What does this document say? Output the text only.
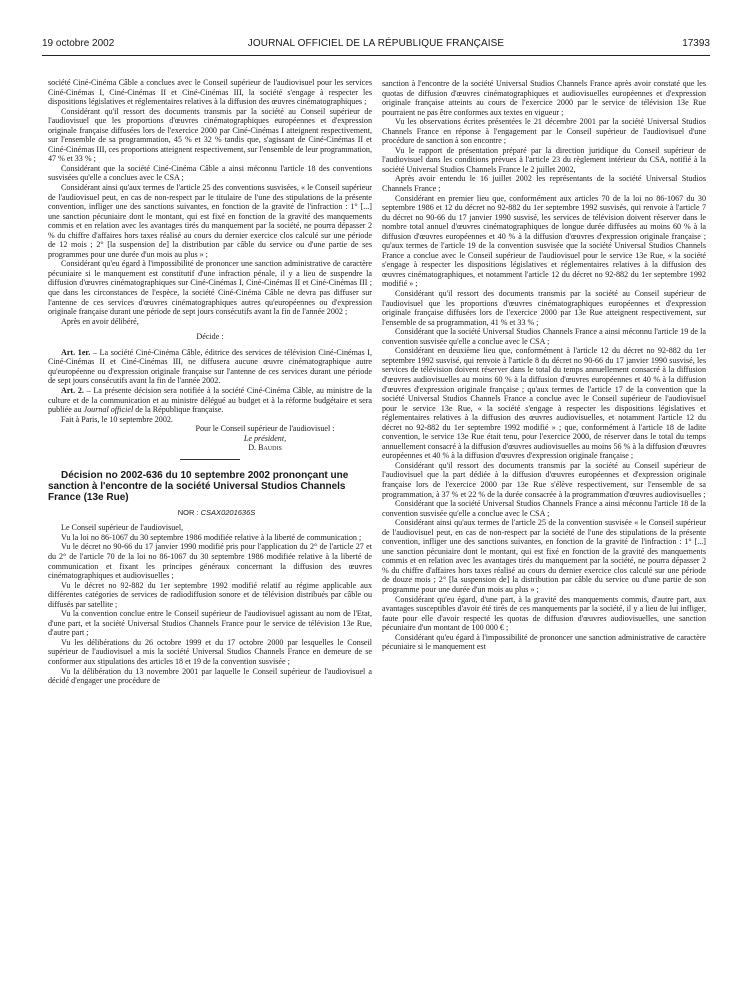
19 octobre 2002	JOURNAL OFFICIEL DE LA RÉPUBLIQUE FRANÇAISE	17393

société Ciné-Cinéma Câble a conclues avec le Conseil supérieur de l'audiovisuel pour les services Ciné-Cinémas I, Ciné-Cinémas II et Ciné-Cinémas III, la société s'engage à respecter les dispositions législatives et réglementaires relatives à la diffusion des œuvres cinématographiques ;

Considérant qu'il ressort des documents transmis par la société au Conseil supérieur de l'audiovisuel que les proportions d'œuvres cinématographiques européennes et d'expression originale française diffusées lors de l'exercice 2000 par Ciné-Cinémas I atteignent respectivement, sur l'ensemble de sa programmation, 45 % et 32 % tandis que, s'agissant de Ciné-Cinémas II et Ciné-Cinémas III, ces proportions atteignent respectivement, sur l'ensemble de leur programmation, 47 % et 33 % ;

Considérant que la société Ciné-Cinéma Câble a ainsi méconnu l'article 18 des conventions susvisées qu'elle a conclues avec le CSA ;

Considérant ainsi qu'aux termes de l'article 25 des conventions susvisées, « le Conseil supérieur de l'audiovisuel peut, en cas de non-respect par le titulaire de l'une des stipulations de la présente convention, infliger une des sanctions suivantes, en fonction de la gravité de l'infraction : 1° [...] une sanction pécuniaire dont le montant, qui est fixé en fonction de la gravité des manquements commis et en relation avec les avantages tirés du manquement par la société, ne pourra dépasser 2 % du chiffre d'affaires hors taxes réalisé au cours du dernier exercice clos calculé sur une période de 12 mois ; 2° [la suspension de] la distribution par câble du service ou d'une partie de ses programmes pour une durée d'un mois au plus » ;

Considérant qu'eu égard à l'impossibilité de prononcer une sanction administrative de caractère pécuniaire si le manquement est constitutif d'une infraction pénale, il y a lieu de suspendre la diffusion d'œuvres cinématographiques sur Ciné-Cinémas I, Ciné-Cinémas II et Ciné-Cinémas III ; que dans les circonstances de l'espèce, la société Ciné-Cinéma Câble ne devra pas diffuser sur l'antenne de ces services d'œuvres cinématographiques autres qu'européennes ou d'expression originale française durant une période de sept jours consécutifs avant la fin de l'année 2002 ;

Après en avoir délibéré,

Décide :

Art. 1er. – La société Ciné-Cinéma Câble, éditrice des services de télévision Ciné-Cinémas I, Ciné-Cinémas II et Ciné-Cinémas III, ne diffusera aucune œuvre cinématographique autre qu'européenne ou d'expression originale française sur l'antenne de ces services durant une période de sept jours consécutifs avant la fin de l'année 2002.

Art. 2. – La présente décision sera notifiée à la société Ciné-Cinéma Câble, au ministre de la culture et de la communication et au ministre délégué au budget et à la réforme budgétaire et sera publiée au Journal officiel de la République française.

Fait à Paris, le 10 septembre 2002.

Pour le Conseil supérieur de l'audiovisuel :

Le président,

D. Baudis

Décision no 2002-636 du 10 septembre 2002 prononçant une sanction à l'encontre de la société Universal Studios Channels France (13e Rue)

NOR : CSAX0201636S

Le Conseil supérieur de l'audiovisuel,

Vu la loi no 86-1067 du 30 septembre 1986 modifiée relative à la liberté de communication ;

Vu le décret no 90-66 du 17 janvier 1990 modifié pris pour l'application du 2° de l'article 27 et du 2° de l'article 70 de la loi no 86-1067 du 30 septembre 1986 modifiée relative à la liberté de communication et fixant les principes généraux concernant la diffusion des œuvres cinématographiques et audiovisuelles ;

Vu le décret no 92-882 du 1er septembre 1992 modifié relatif au régime applicable aux différentes catégories de services de radiodiffusion sonore et de télévision distribués par câble ou diffusés par satellite ;

Vu la convention conclue entre le Conseil supérieur de l'audiovisuel agissant au nom de l'Etat, d'une part, et la société Universal Studios Channels France pour le service de télévision 13e Rue, d'autre part ;

Vu les délibérations du 26 octobre 1999 et du 17 octobre 2000 par lesquelles le Conseil supérieur de l'audiovisuel a mis la société Universal Studios Channels France en demeure de se conformer aux stipulations des articles 18 et 19 de la convention susvisée ;

Vu la délibération du 13 novembre 2001 par laquelle le Conseil supérieur de l'audiovisuel a décidé d'engager une procédure de

sanction à l'encontre de la société Universal Studios Channels France après avoir constaté que les quotas de diffusion d'œuvres cinématographiques et audiovisuelles européennes et d'expression originale française atteints au cours de l'exercice 2000 par le service de télévision 13e Rue pourraient ne pas être conformes aux textes en vigueur ;

Vu les observations écrites présentées le 21 décembre 2001 par la société Universal Studios Channels France en réponse à l'engagement par le Conseil supérieur de l'audiovisuel d'une procédure de sanction à son encontre ;

Vu le rapport de présentation préparé par la direction juridique du Conseil supérieur de l'audiovisuel dans les conditions prévues à l'article 23 du règlement intérieur du CSA, notifié à la société Universal Studios Channels France le 2 juillet 2002,

Après avoir entendu le 16 juillet 2002 les représentants de la société Universal Studios Channels France ;

Considérant en premier lieu que, conformément aux articles 70 de la loi no 86-1067 du 30 septembre 1986 et 12 du décret no 92-882 du 1er septembre 1992 susvisés, qui renvoie à l'article 7 du décret no 90-66 du 17 janvier 1990 susvisé, les services de télévision doivent réserver dans le nombre total annuel d'œuvres cinématographiques de longue durée diffusées au moins 60 % à la diffusion d'œuvres européennes et 40 % à la diffusion d'œuvres d'expression originale française ; qu'aux termes de l'article 19 de la convention susvisée que la société Universal Studios Channels France a conclue avec le Conseil supérieur de l'audiovisuel pour le service 13e Rue, « la société s'engage à respecter les dispositions législatives et réglementaires relatives à la diffusion des œuvres cinématographiques, et notamment l'article 12 du décret no 92-882 du 1er septembre 1992 modifié » ;

Considérant qu'il ressort des documents transmis par la société au Conseil supérieur de l'audiovisuel que les proportions d'œuvres cinématographiques européennes et d'expression originale française diffusées lors de l'exercice 2000 par 13e Rue atteignent respectivement, sur l'ensemble de sa programmation, 41 % et 33 % ;

Considérant que la société Universal Studios Channels France a ainsi méconnu l'article 19 de la convention susvisée qu'elle a conclue avec le CSA ;

Considérant en deuxième lieu que, conformément à l'article 12 du décret no 92-882 du 1er septembre 1992 susvisé, qui renvoie à l'article 8 du décret no 90-66 du 17 janvier 1990 susvisé, les services de télévision doivent réserver dans le total du temps annuellement consacré à la diffusion d'œuvres audiovisuelles au moins 60 % à la diffusion d'œuvres européennes et 40 % à la diffusion d'œuvres d'expression originale française ; qu'aux termes de l'article 17 de la convention que la société Universal Studios Channels France a conclue avec le Conseil supérieur de l'audiovisuel pour le service 13e Rue, « la société s'engage à respecter les dispositions législatives et réglementaires relatives à la diffusion des œuvres audiovisuelles, et notamment l'article 12 du décret no 92-882 du 1er septembre 1992 modifié » ; que, conformément à l'article 18 de ladite convention, le service 13e Rue était tenu, pour l'exercice 2000, de réserver dans le total du temps annuellement consacré à la diffusion d'œuvres audiovisuelles au moins 56 % à la diffusion d'œuvres européennes et 40 % à la diffusion d'œuvres d'expression originale française ;

Considérant qu'il ressort des documents transmis par la société au Conseil supérieur de l'audiovisuel que la part dédiée à la diffusion d'œuvres européennes et d'expression originale française lors de l'exercice 2000 par 13e Rue s'élève respectivement, sur l'ensemble de sa programmation, à 37 % et 22 % de la durée consacrée à la programmation d'œuvres audiovisuelles ;

Considérant que la société Universal Studios Channels France a ainsi méconnu l'article 18 de la convention susvisée qu'elle a conclue avec le CSA ;

Considérant ainsi qu'aux termes de l'article 25 de la convention susvisée « le Conseil supérieur de l'audiovisuel peut, en cas de non-respect par la société de l'une des stipulations de la présente convention, infliger une des sanctions suivantes, en fonction de la gravité de l'infraction : 1° [...] une sanction pécuniaire dont le montant, qui est fixé en fonction de la gravité des manquements commis et en relation avec les avantages tirés du manquement par la société, ne pourra dépasser 2 % du chiffre d'affaires hors taxes réalisé au cours du dernier exercice clos calculé sur une période de douze mois ; 2° [la suspension de] la distribution par câble du service ou d'une partie de son programme pour une durée d'un mois au plus » ;

Considérant qu'eu égard, d'une part, à la gravité des manquements commis, d'autre part, aux avantages susceptibles d'avoir été tirés de ces manquements par la société, il y a lieu de lui infliger, faute pour elle d'avoir respecté les quotas de diffusion d'œuvres audiovisuelles, une sanction pécuniaire d'un montant de 100 000 € ;

Considérant qu'eu égard à l'impossibilité de prononcer une sanction administrative de caractère pécuniaire si le manquement est
